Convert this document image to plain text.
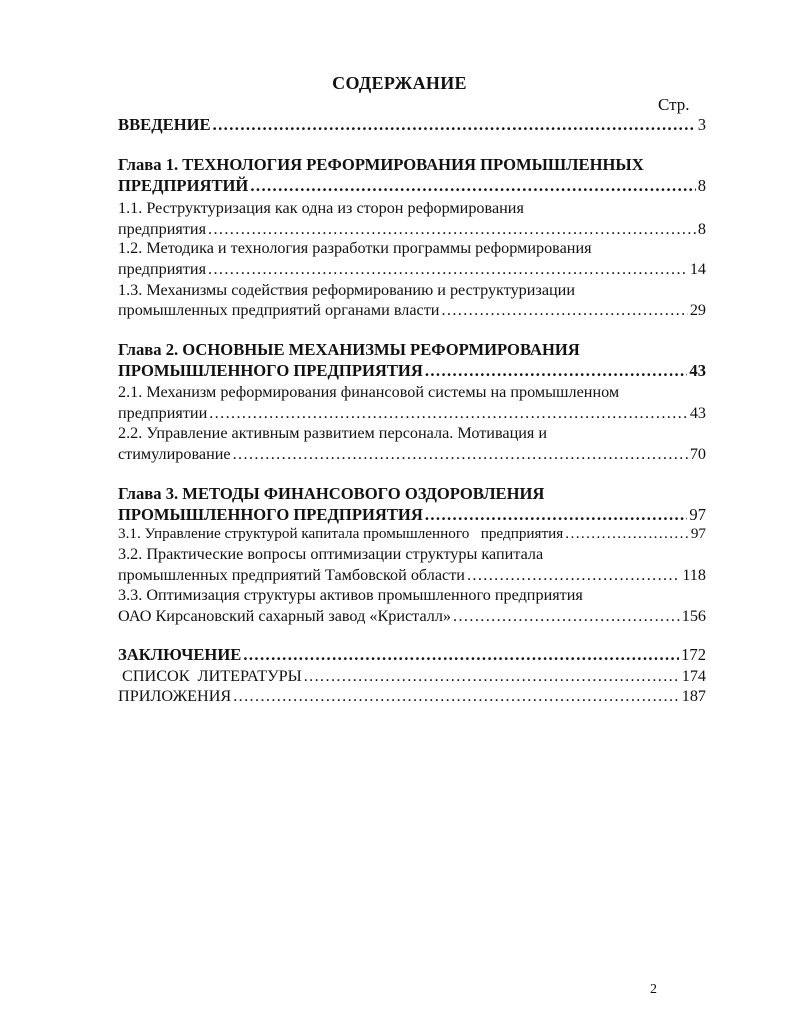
СОДЕРЖАНИЕ
Стр.
ВВЕДЕНИЕ .....	3
Глава 1. ТЕХНОЛОГИЯ РЕФОРМИРОВАНИЯ ПРОМЫШЛЕННЫХ
ПРЕДПРИЯТИЙ .....	8
1.1. Реструктуризация как одна из сторон реформирования
предприятия .....	8
1.2. Методика и технология разработки программы реформирования
предприятия .....	14
1.3. Механизмы содействия реформированию и реструктуризации
промышленных предприятий органами власти .....	29
Глава 2. ОСНОВНЫЕ МЕХАНИЗМЫ РЕФОРМИРОВАНИЯ
ПРОМЫШЛЕННОГО ПРЕДПРИЯТИЯ .....	43
2.1. Механизм реформирования финансовой системы на промышленном
предприятии .....	43
2.2. Управление активным развитием персонала. Мотивация и
стимулирование .....	70
Глава 3. МЕТОДЫ ФИНАНСОВОГО ОЗДОРОВЛЕНИЯ
ПРОМЫШЛЕННОГО ПРЕДПРИЯТИЯ .....	97
3.1. Управление структурой капитала промышленного   предприятия .....	97
3.2. Практические вопросы оптимизации структуры капитала
промышленных предприятий Тамбовской области .....	118
3.3. Оптимизация структуры активов промышленного предприятия
ОАО Кирсановский сахарный завод «Кристалл» .....	156
ЗАКЛЮЧЕНИЕ .....	172
СПИСОК  ЛИТЕРАТУРЫ .....	174
ПРИЛОЖЕНИЯ .....	187
2
